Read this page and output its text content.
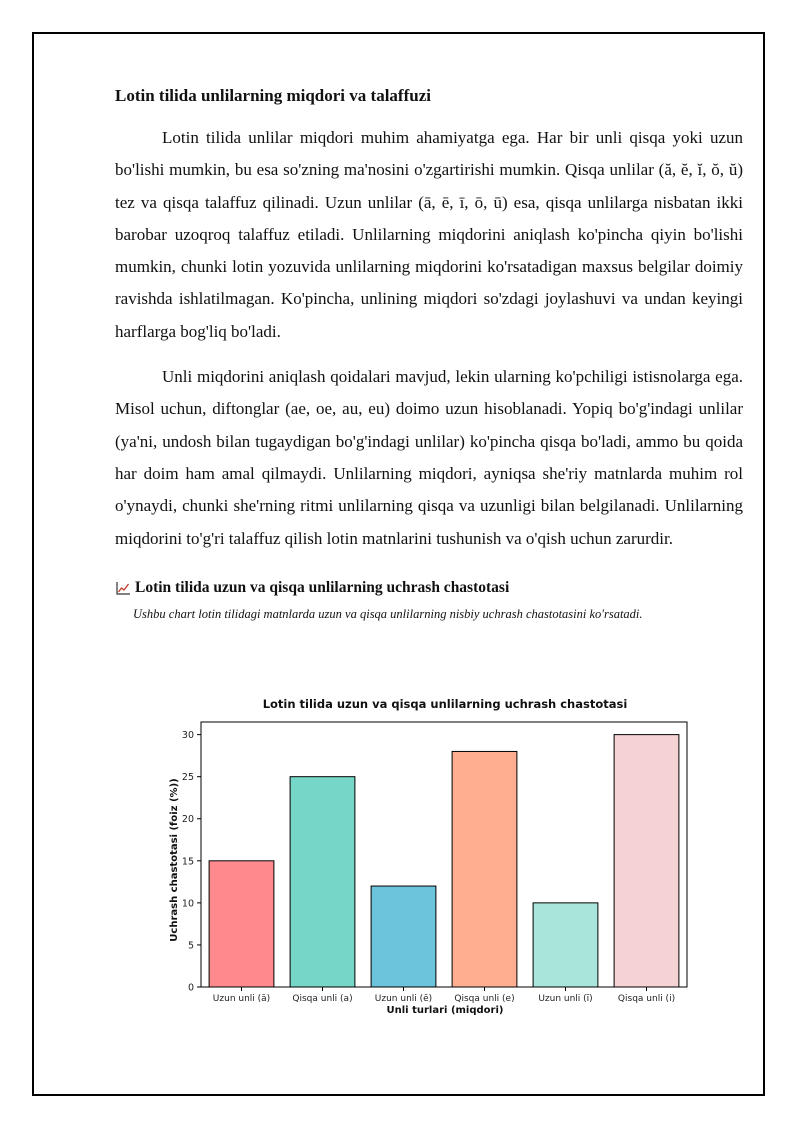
Lotin tilida unlilarning miqdori va talaffuzi

Lotin tilida unlilar miqdori muhim ahamiyatga ega. Har bir unli qisqa yoki uzun bo'lishi mumkin, bu esa so'zning ma'nosini o'zgartirishi mumkin. Qisqa unlilar (ă, ĕ, ĭ, ŏ, ŭ) tez va qisqa talaffuz qilinadi. Uzun unlilar (ā, ē, ī, ō, ū) esa, qisqa unlilarga nisbatan ikki barobar uzoqroq talaffuz etiladi. Unlilarning miqdorini aniqlash ko'pincha qiyin bo'lishi mumkin, chunki lotin yozuvida unlilarning miqdorini ko'rsatadigan maxsus belgilar doimiy ravishda ishlatilmagan. Ko'pincha, unlining miqdori so'zdagi joylashuvi va undan keyingi harflarga bog'liq bo'ladi.

Unli miqdorini aniqlash qoidalari mavjud, lekin ularning ko'pchiligi istisnolarga ega. Misol uchun, diftonglar (ae, oe, au, eu) doimo uzun hisoblanadi. Yopiq bo'g'indagi unlilar (ya'ni, undosh bilan tugaydigan bo'g'indagi unlilar) ko'pincha qisqa bo'ladi, ammo bu qoida har doim ham amal qilmaydi. Unlilarning miqdori, ayniqsa she'riy matnlarda muhim rol o'ynaydi, chunki she'rning ritmi unlilarning qisqa va uzunligi bilan belgilanadi. Unlilarning miqdorini to'g'ri talaffuz qilish lotin matnlarini tushunish va o'qish uchun zarurdir.

Lotin tilida uzun va qisqa unlilarning uchrash chastotasi

Ushbu chart lotin tilidagi matnlarda uzun va qisqa unlilarning nisbiy uchrash chastotasini ko'rsatadi.

Lotin tilida uzun va qisqa unlilarning uchrash chastotasi
0
5
10
15
20
25
30
Uzun unli (ā) Qisqa unli (a) Uzun unli (ē) Qisqa unli (e)	Uzun unli (ī)	Qisqa unli (i)
Unli turlari (miqdori)
Uchrash chastotasi (foiz (%))
